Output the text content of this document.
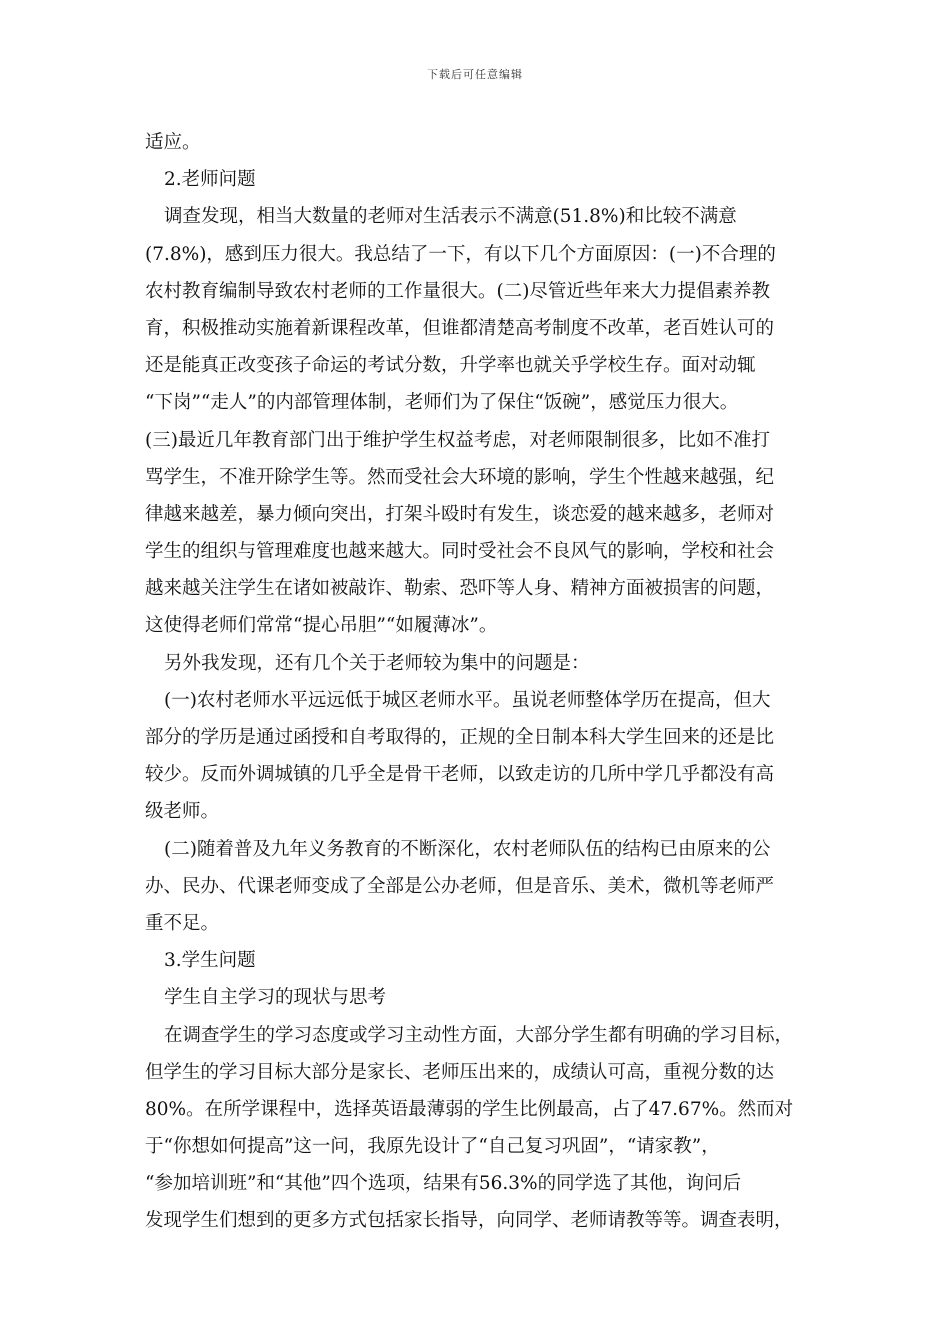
下载后可任意编辑
适应。
2.老师问题
调查发现，相当大数量的老师对生活表示不满意(51.8%)和比较不满意
(7.8%)，感到压力很大。我总结了一下，有以下几个方面原因：(一)不合理的
农村教育编制导致农村老师的工作量很大。(二)尽管近些年来大力提倡素养教
育，积极推动实施着新课程改革，但谁都清楚高考制度不改革，老百姓认可的
还是能真正改变孩子命运的考试分数，升学率也就关乎学校生存。面对动辄
“下岗”“走人”的内部管理体制，老师们为了保住“饭碗”，感觉压力很大。
(三)最近几年教育部门出于维护学生权益考虑，对老师限制很多，比如不准打
骂学生，不准开除学生等。然而受社会大环境的影响，学生个性越来越强，纪
律越来越差，暴力倾向突出，打架斗殴时有发生，谈恋爱的越来越多，老师对
学生的组织与管理难度也越来越大。同时受社会不良风气的影响，学校和社会
越来越关注学生在诸如被敲诈、勒索、恐吓等人身、精神方面被损害的问题，
这使得老师们常常“提心吊胆”“如履薄冰”。
另外我发现，还有几个关于老师较为集中的问题是：
(一)农村老师水平远远低于城区老师水平。虽说老师整体学历在提高，但大
部分的学历是通过函授和自考取得的，正规的全日制本科大学生回来的还是比
较少。反而外调城镇的几乎全是骨干老师，以致走访的几所中学几乎都没有高
级老师。
(二)随着普及九年义务教育的不断深化，农村老师队伍的结构已由原来的公
办、民办、代课老师变成了全部是公办老师，但是音乐、美术，微机等老师严
重不足。
3.学生问题
学生自主学习的现状与思考
在调查学生的学习态度或学习主动性方面，大部分学生都有明确的学习目标，
但学生的学习目标大部分是家长、老师压出来的，成绩认可高，重视分数的达
80%。在所学课程中，选择英语最薄弱的学生比例最高，占了47.67%。然而对
于“你想如何提高”这一问，我原先设计了“自己复习巩固”，“请家教”，
“参加培训班”和“其他”四个选项，结果有56.3%的同学选了其他，询问后
发现学生们想到的更多方式包括家长指导，向同学、老师请教等等。调查表明，
